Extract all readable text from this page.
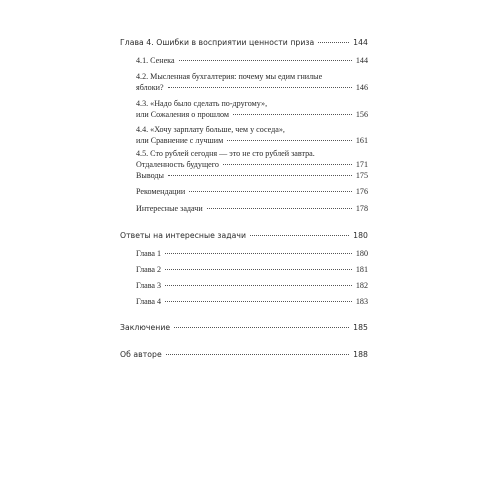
Глава 4. Ошибки в восприятии ценности приза	144
4.1. Сенека	144
4.2. Мысленная бухгалтерия: почему мы едим гнилые
яблоки?	146
4.3. «Надо было сделать по-другому»,
или Сожаления о прошлом	156
4.4. «Хочу зарплату больше, чем у соседа»,
или Сравнение с лучшим	161
4.5. Сто рублей сегодня — это не сто рублей завтра.
Отдаленность будущего	171
Выводы	175
Рекомендации	176
Интересные задачи	178
Ответы на интересные задачи	180
Глава 1	180
Глава 2	181
Глава 3	182
Глава 4	183
Заключение	185
Об авторе	188
